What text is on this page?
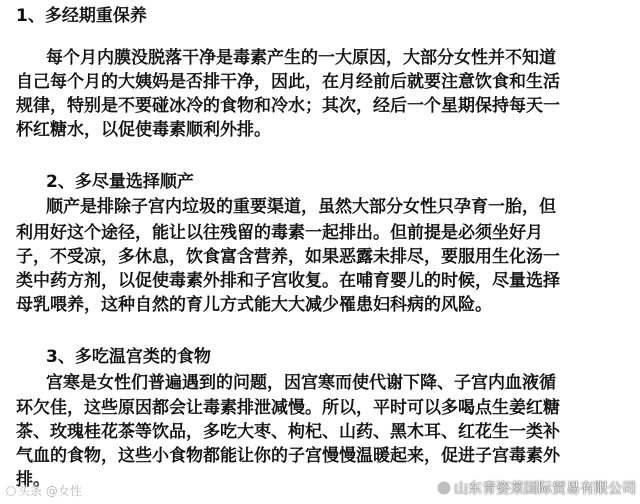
1、多经期重保养

每个月内膜没脱落干净是毒素产生的一大原因，大部分女性并不知道

自己每个月的大姨妈是否排干净，因此，在月经前后就要注意饮食和生活

规律，特别是不要碰冰冷的食物和冷水；其次，经后一个星期保持每天一

杯红糖水，以促使毒素顺利外排。

2、多尽量选择顺产

顺产是排除子宫内垃圾的重要渠道，虽然大部分女性只孕育一胎，但

利用好这个途径，能让以往残留的毒素一起排出。但前提是必须坐好月

子，不受凉，多休息，饮食富含营养，如果恶露未排尽，要服用生化汤一

类中药方剂，以促使毒素外排和子宫收复。在哺育婴儿的时候，尽量选择

母乳喂养，这种自然的育儿方式能大大减少罹患妇科病的风险。

3、多吃温宫类的食物

宫寒是女性们普遍遇到的问题，因宫寒而使代谢下降、子宫内血液循

环欠佳，这些原因都会让毒素排泄减慢。所以，平时可以多喝点生姜红糖

茶、玫瑰桂花茶等饮品，多吃大枣、枸杞、山药、黑木耳、红花生一类补

气血的食物，这些小食物都能让你的子宫慢慢温暖起来，促进子宫毒素外

排。

头条 @女性	山东青姿莱国际贸易有限公司
